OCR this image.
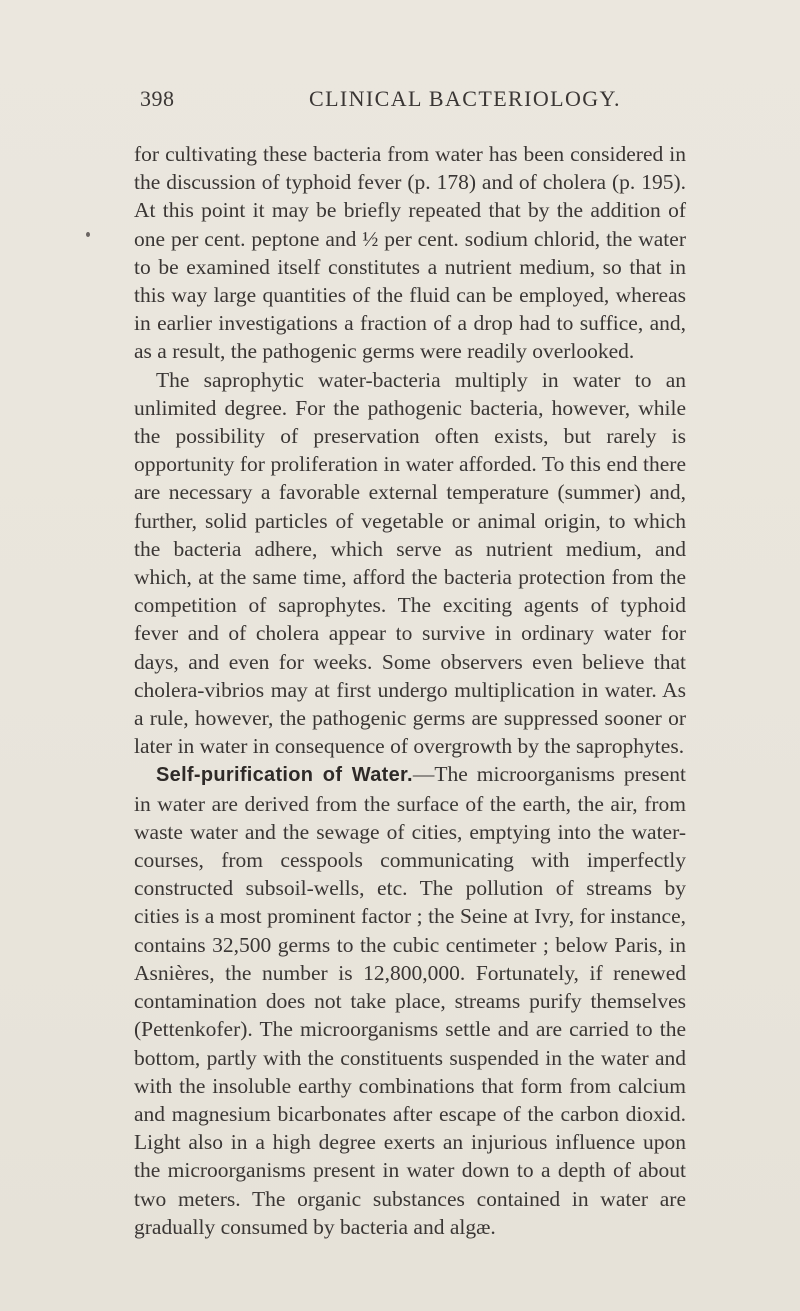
398	CLINICAL BACTERIOLOGY.

for cultivating these bacteria from water has been considered in the discussion of typhoid fever (p. 178) and of cholera (p. 195). At this point it may be briefly repeated that by the addition of one per cent. peptone and ½ per cent. sodium chlorid, the water to be examined itself constitutes a nutrient medium, so that in this way large quantities of the fluid can be employed, whereas in earlier investigations a fraction of a drop had to suffice, and, as a result, the pathogenic germs were readily overlooked.

The saprophytic water-bacteria multiply in water to an unlimited degree. For the pathogenic bacteria, however, while the possibility of preservation often exists, but rarely is opportunity for proliferation in water afforded. To this end there are necessary a favorable external temperature (summer) and, further, solid particles of vegetable or animal origin, to which the bacteria adhere, which serve as nutrient medium, and which, at the same time, afford the bacteria protection from the competition of saprophytes. The exciting agents of typhoid fever and of cholera appear to survive in ordinary water for days, and even for weeks. Some observers even believe that cholera-vibrios may at first undergo multiplication in water. As a rule, however, the pathogenic germs are suppressed sooner or later in water in consequence of overgrowth by the saprophytes.

Self-purification of Water.—The microorganisms present in water are derived from the surface of the earth, the air, from waste water and the sewage of cities, emptying into the water-courses, from cesspools communicating with imperfectly constructed subsoil-wells, etc. The pollution of streams by cities is a most prominent factor ; the Seine at Ivry, for instance, contains 32,500 germs to the cubic centimeter ; below Paris, in Asnières, the number is 12,800,000. Fortunately, if renewed contamination does not take place, streams purify themselves (Pettenkofer). The microorganisms settle and are carried to the bottom, partly with the constituents suspended in the water and with the insoluble earthy combinations that form from calcium and magnesium bicarbonates after escape of the carbon dioxid. Light also in a high degree exerts an injurious influence upon the microorganisms present in water down to a depth of about two meters. The organic substances contained in water are gradually consumed by bacteria and algæ.
